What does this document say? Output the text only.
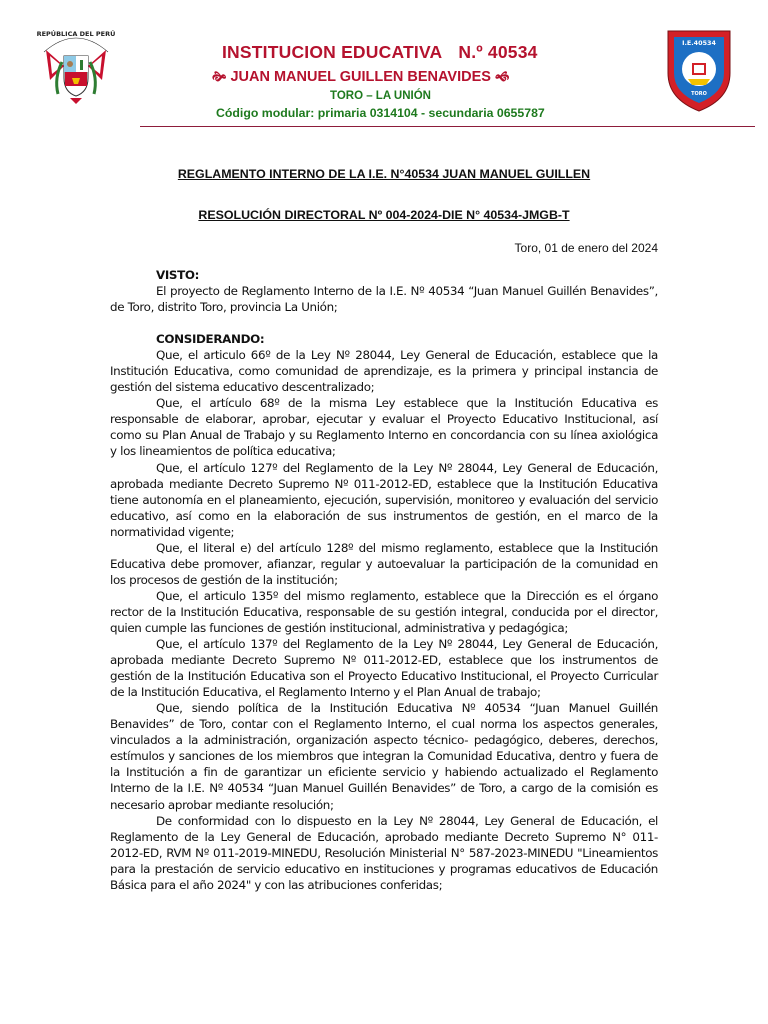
REPÚBLICA DEL PERÚ
INSTITUCION EDUCATIVA N.º 40534
🙞 JUAN MANUEL GUILLEN BENAVIDES 🙜
TORO – LA UNIÓN
Código modular: primaria 0314104 - secundaria 0655787
I.E.40534
TORO
REGLAMENTO INTERNO DE LA I.E. N°40534 JUAN MANUEL GUILLEN
RESOLUCIÓN DIRECTORAL Nº 004-2024-DIE N° 40534-JMGB-T
Toro, 01 de enero del 2024

VISTO:

El proyecto de Reglamento Interno de la I.E. Nº 40534 “Juan Manuel Guillén Benavides”, de Toro, distrito Toro, provincia La Unión;

CONSIDERANDO:

Que, el articulo 66º de la Ley Nº 28044, Ley General de Educación, establece que la Institución Educativa, como comunidad de aprendizaje, es la primera y principal instancia de gestión del sistema educativo descentralizado;

Que, el artículo 68º de la misma Ley establece que la Institución Educativa es responsable de elaborar, aprobar, ejecutar y evaluar el Proyecto Educativo Institucional, así como su Plan Anual de Trabajo y su Reglamento Interno en concordancia con su línea axiológica y los lineamientos de política educativa;

Que, el artículo 127º del Reglamento de la Ley Nº 28044, Ley General de Educación, aprobada mediante Decreto Supremo Nº 011-2012-ED, establece que la Institución Educativa tiene autonomía en el planeamiento, ejecución, supervisión, monitoreo y evaluación del servicio educativo, así como en la elaboración de sus instrumentos de gestión, en el marco de la normatividad vigente;

Que, el literal e) del artículo 128º del mismo reglamento, establece que la Institución Educativa debe promover, afianzar, regular y autoevaluar la participación de la comunidad en los procesos de gestión de la institución;

Que, el articulo 135º del mismo reglamento, establece que la Dirección es el órgano rector de la Institución Educativa, responsable de su gestión integral, conducida por el director, quien cumple las funciones de gestión institucional, administrativa y pedagógica;

Que, el artículo 137º del Reglamento de la Ley Nº 28044, Ley General de Educación, aprobada mediante Decreto Supremo Nº 011-2012-ED, establece que los instrumentos de gestión de la Institución Educativa son el Proyecto Educativo Institucional, el Proyecto Curricular de la Institución Educativa, el Reglamento Interno y el Plan Anual de trabajo;

Que, siendo política de la Institución Educativa Nº 40534 “Juan Manuel Guillén Benavides” de Toro, contar con el Reglamento Interno, el cual norma los aspectos generales, vinculados a la administración, organización aspecto técnico- pedagógico, deberes, derechos, estímulos y sanciones de los miembros que integran la Comunidad Educativa, dentro y fuera de la Institución a fin de garantizar un eficiente servicio y habiendo actualizado el Reglamento Interno de la I.E. Nº 40534 “Juan Manuel Guillén Benavides” de Toro, a cargo de la comisión es necesario aprobar mediante resolución;

De conformidad con lo dispuesto en la Ley Nº 28044, Ley General de Educación, el Reglamento de la Ley General de Educación, aprobado mediante Decreto Supremo N° 011-2012-ED, RVM Nº 011-2019-MINEDU, Resolución Ministerial N° 587-2023-MINEDU "Lineamientos para la prestación de servicio educativo en instituciones y programas educativos de Educación Básica para el año 2024" y con las atribuciones conferidas;
